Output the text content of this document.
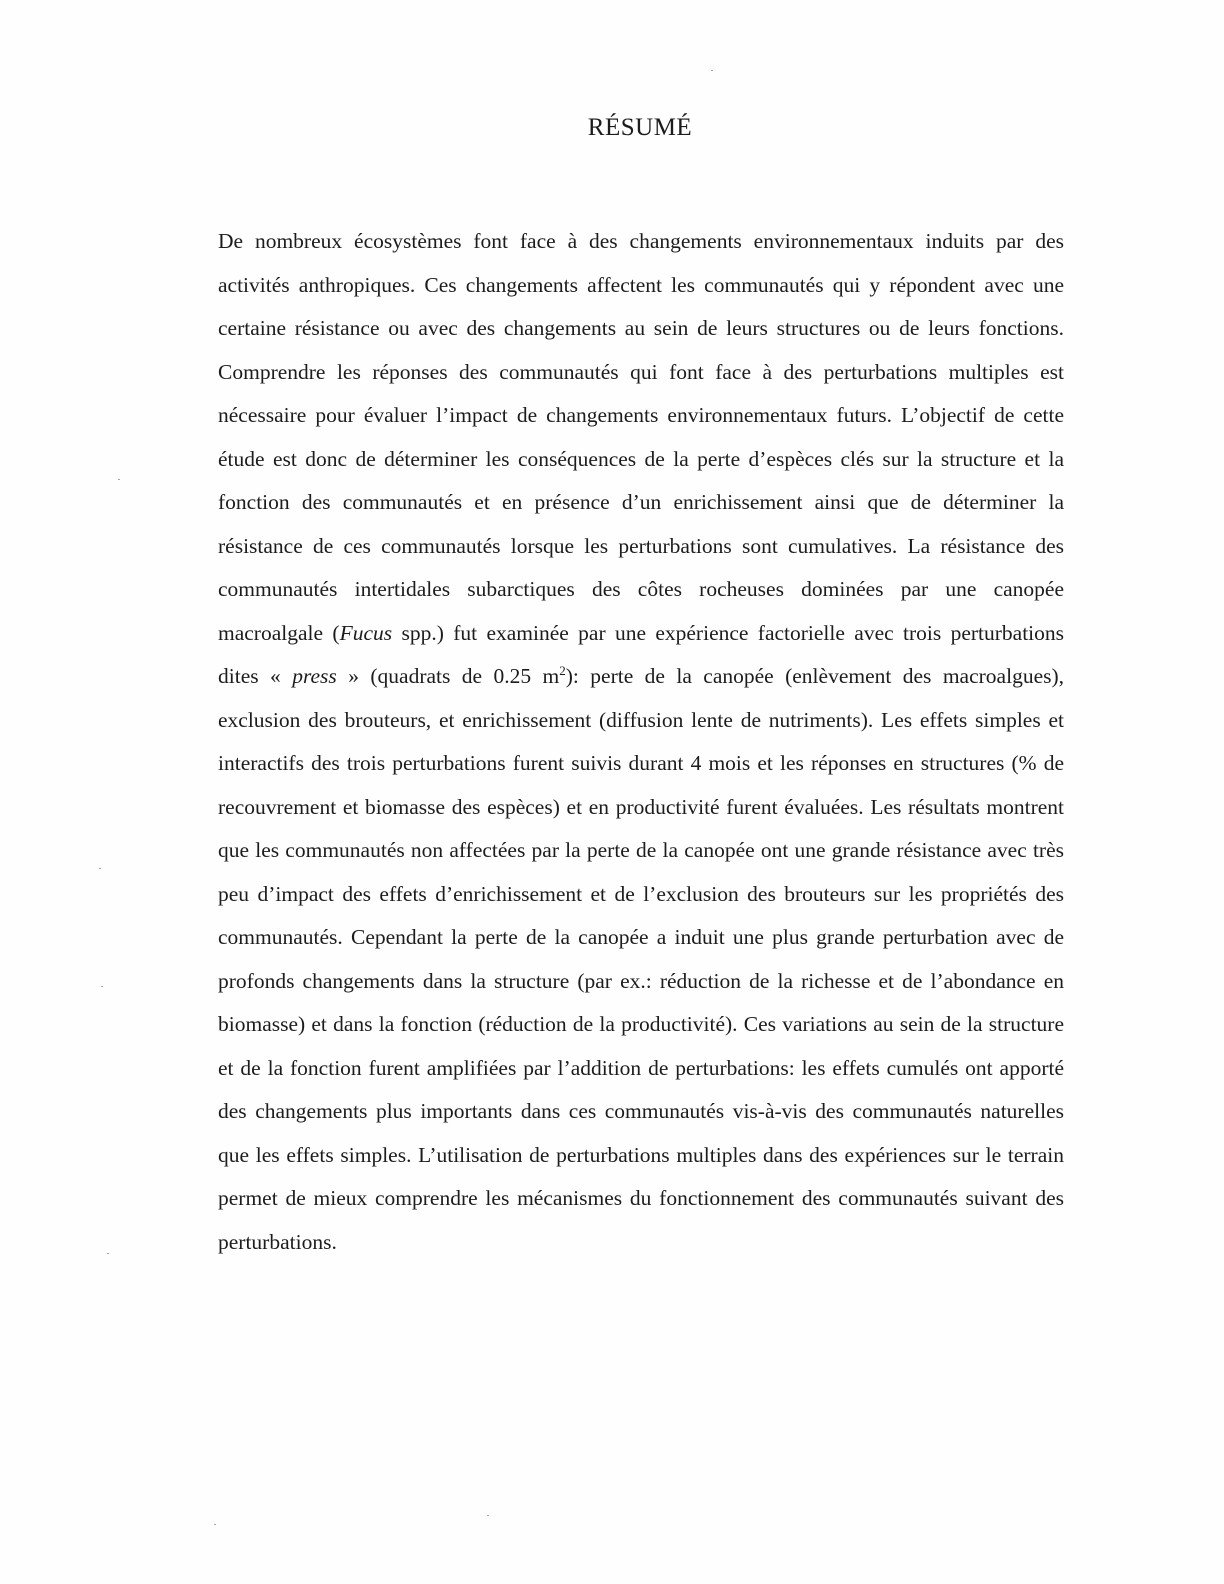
RÉSUMÉ

De nombreux écosystèmes font face à des changements environnementaux induits par des activités anthropiques. Ces changements affectent les communautés qui y répondent avec une certaine résistance ou avec des changements au sein de leurs structures ou de leurs fonctions. Comprendre les réponses des communautés qui font face à des perturbations multiples est nécessaire pour évaluer l’impact de changements environnementaux futurs. L’objectif de cette étude est donc de déterminer les conséquences de la perte d’espèces clés sur la structure et la fonction des communautés et en présence d’un enrichissement ainsi que de déterminer la résistance de ces communautés lorsque les perturbations sont cumulatives. La résistance des communautés intertidales subarctiques des côtes rocheuses dominées par une canopée macroalgale (Fucus spp.) fut examinée par une expérience factorielle avec trois perturbations dites « press » (quadrats de 0.25 $m^2$): perte de la canopée (enlèvement des macroalgues), exclusion des brouteurs, et enrichissement (diffusion lente de nutriments). Les effets simples et interactifs des trois perturbations furent suivis durant 4 mois et les réponses en structures (% de recouvrement et biomasse des espèces) et en productivité furent évaluées. Les résultats montrent que les communautés non affectées par la perte de la canopée ont une grande résistance avec très peu d’impact des effets d’enrichissement et de l’exclusion des brouteurs sur les propriétés des communautés. Cependant la perte de la canopée a induit une plus grande perturbation avec de profonds changements dans la structure (par ex.: réduction de la richesse et de l’abondance en biomasse) et dans la fonction (réduction de la productivité). Ces variations au sein de la structure et de la fonction furent amplifiées par l’addition de perturbations: les effets cumulés ont apporté des changements plus importants dans ces communautés vis-à-vis des communautés naturelles que les effets simples. L’utilisation de perturbations multiples dans des expériences sur le terrain permet de mieux comprendre les mécanismes du fonctionnement des communautés suivant des perturbations.
